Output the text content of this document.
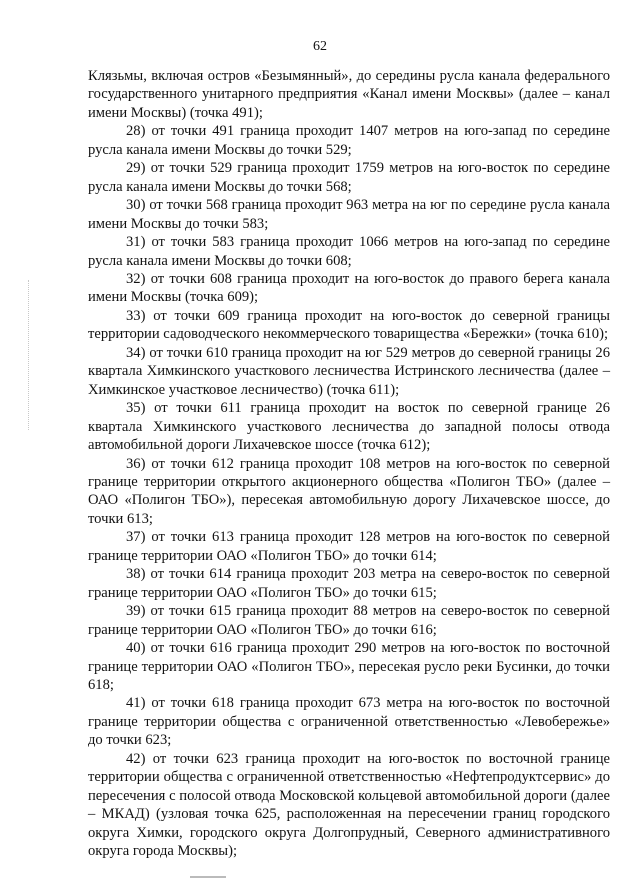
62

Клязьмы, включая остров «Безымянный», до середины русла канала федерального государственного унитарного предприятия «Канал имени Москвы» (далее – канал имени Москвы) (точка 491);

28) от точки 491 граница проходит 1407 метров на юго-запад по середине русла канала имени Москвы до точки 529;

29) от точки 529 граница проходит 1759 метров на юго-восток по середине русла канала имени Москвы до точки 568;

30) от точки 568 граница проходит 963 метра на юг по середине русла канала имени Москвы до точки 583;

31) от точки 583 граница проходит 1066 метров на юго-запад по середине русла канала имени Москвы до точки 608;

32) от точки 608 граница проходит на юго-восток до правого берега канала имени Москвы (точка 609);

33) от точки 609 граница проходит на юго-восток до северной границы территории садоводческого некоммерческого товарищества «Бережки» (точка 610);

34) от точки 610 граница проходит на юг 529 метров до северной границы 26 квартала Химкинского участкового лесничества Истринского лесничества (далее – Химкинское участковое лесничество) (точка 611);

35) от точки 611 граница проходит на восток по северной границе 26 квартала Химкинского участкового лесничества до западной полосы отвода автомобильной дороги Лихачевское шоссе (точка 612);

36) от точки 612 граница проходит 108 метров на юго-восток по северной границе территории открытого акционерного общества «Полигон ТБО» (далее – ОАО «Полигон ТБО»), пересекая автомобильную дорогу Лихачевское шоссе, до точки 613;

37) от точки 613 граница проходит 128 метров на юго-восток по северной границе территории ОАО «Полигон ТБО» до точки 614;

38) от точки 614 граница проходит 203 метра на северо-восток по северной границе территории ОАО «Полигон ТБО» до точки 615;

39) от точки 615 граница проходит 88 метров на северо-восток по северной границе территории ОАО «Полигон ТБО» до точки 616;

40) от точки 616 граница проходит 290 метров на юго-восток по восточной границе территории ОАО «Полигон ТБО», пересекая русло реки Бусинки, до точки 618;

41) от точки 618 граница проходит 673 метра на юго-восток по восточной границе территории общества с ограниченной ответственностью «Левобережье» до точки 623;

42) от точки 623 граница проходит на юго-восток по восточной границе территории общества с ограниченной ответственностью «Нефтепродуктсервис» до пересечения с полосой отвода Московской кольцевой автомобильной дороги (далее – МКАД) (узловая точка 625, расположенная на пересечении границ городского округа Химки, городского округа Долгопрудный, Северного административного округа города Москвы);
